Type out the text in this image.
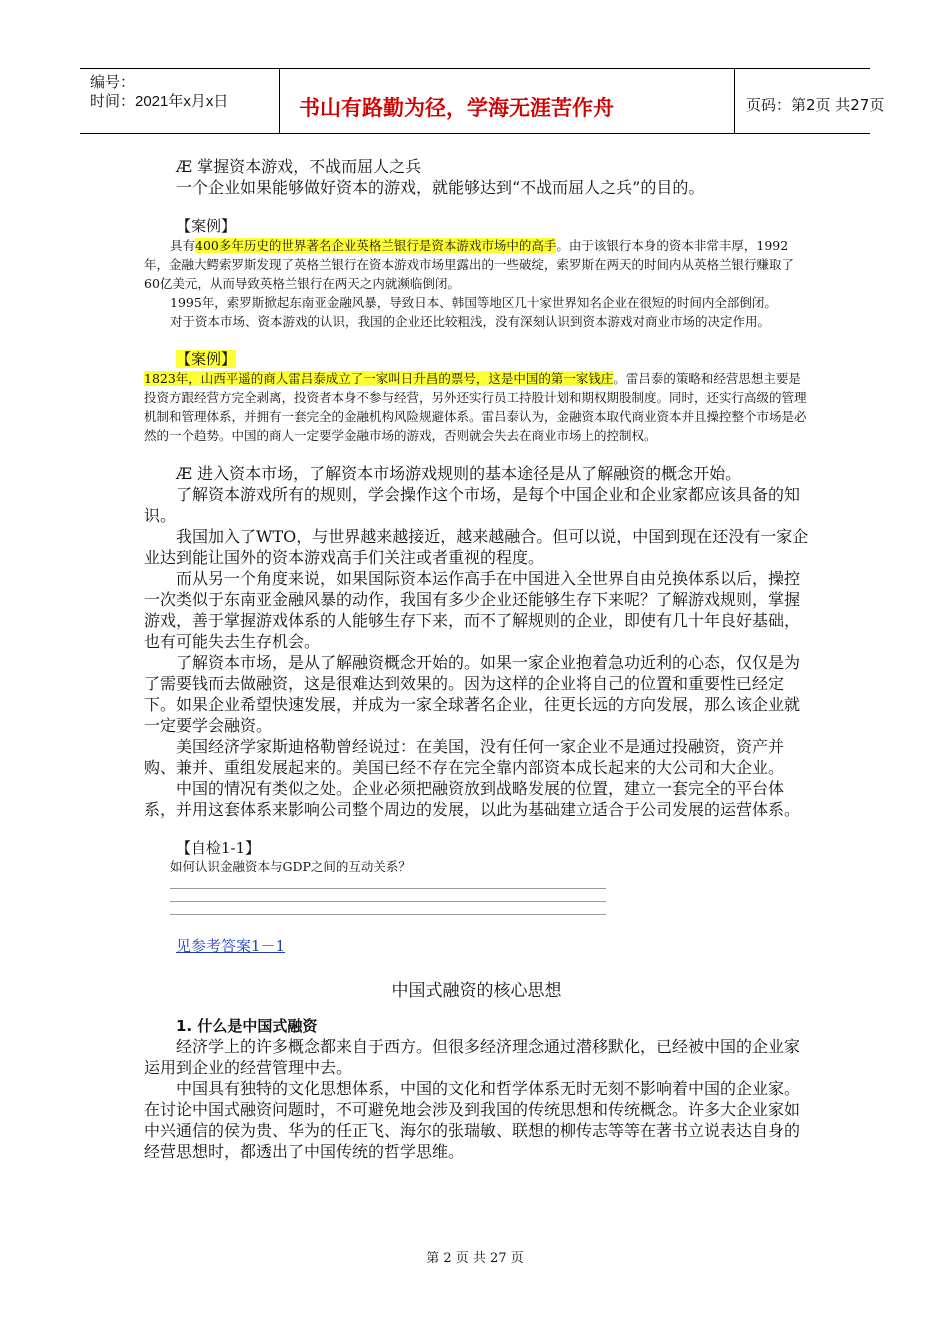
编号：
时间：2021年x月x日	书山有路勤为径，学海无涯苦作舟	页码：第2页 共27页

Æ 掌握资本游戏，不战而屈人之兵

一个企业如果能够做好资本的游戏，就能够达到“不战而屈人之兵”的目的。

【案例】

具有400多年历史的世界著名企业英格兰银行是资本游戏市场中的高手。由于该银行本身的资本非常丰厚，1992年，金融大鳄索罗斯发现了英格兰银行在资本游戏市场里露出的一些破绽，索罗斯在两天的时间内从英格兰银行赚取了60亿美元，从而导致英格兰银行在两天之内就濒临倒闭。

1995年，索罗斯掀起东南亚金融风暴，导致日本、韩国等地区几十家世界知名企业在很短的时间内全部倒闭。

对于资本市场、资本游戏的认识，我国的企业还比较粗浅，没有深刻认识到资本游戏对商业市场的决定作用。

【案例】

1823年，山西平遥的商人雷吕泰成立了一家叫日升昌的票号，这是中国的第一家钱庄。雷吕泰的策略和经营思想主要是投资方跟经营方完全剥离，投资者本身不参与经营，另外还实行员工持股计划和期权期股制度。同时，还实行高级的管理机制和管理体系，并拥有一套完全的金融机构风险规避体系。雷吕泰认为，金融资本取代商业资本并且操控整个市场是必然的一个趋势。中国的商人一定要学金融市场的游戏，否则就会失去在商业市场上的控制权。

Æ 进入资本市场，了解资本市场游戏规则的基本途径是从了解融资的概念开始。

了解资本游戏所有的规则，学会操作这个市场，是每个中国企业和企业家都应该具备的知识。

我国加入了WTO，与世界越来越接近，越来越融合。但可以说，中国到现在还没有一家企业达到能让国外的资本游戏高手们关注或者重视的程度。

而从另一个角度来说，如果国际资本运作高手在中国进入全世界自由兑换体系以后，操控一次类似于东南亚金融风暴的动作，我国有多少企业还能够生存下来呢？了解游戏规则，掌握游戏，善于掌握游戏体系的人能够生存下来，而不了解规则的企业，即使有几十年良好基础，也有可能失去生存机会。

了解资本市场，是从了解融资概念开始的。如果一家企业抱着急功近利的心态，仅仅是为了需要钱而去做融资，这是很难达到效果的。因为这样的企业将自己的位置和重要性已经定下。如果企业希望快速发展，并成为一家全球著名企业，往更长远的方向发展，那么该企业就一定要学会融资。

美国经济学家斯迪格勒曾经说过：在美国，没有任何一家企业不是通过投融资，资产并购、兼并、重组发展起来的。美国已经不存在完全靠内部资本成长起来的大公司和大企业。

中国的情况有类似之处。企业必须把融资放到战略发展的位置，建立一套完全的平台体系，并用这套体系来影响公司整个周边的发展，以此为基础建立适合于公司发展的运营体系。

【自检1-1】

如何认识金融资本与GDP之间的互动关系？

见参考答案1－1

中国式融资的核心思想

1. 什么是中国式融资

经济学上的许多概念都来自于西方。但很多经济理念通过潜移默化，已经被中国的企业家运用到企业的经营管理中去。

中国具有独特的文化思想体系，中国的文化和哲学体系无时无刻不影响着中国的企业家。在讨论中国式融资问题时，不可避免地会涉及到我国的传统思想和传统概念。许多大企业家如中兴通信的侯为贵、华为的任正飞、海尔的张瑞敏、联想的柳传志等等在著书立说表达自身的经营思想时，都透出了中国传统的哲学思维。

第 2 页 共 27 页
